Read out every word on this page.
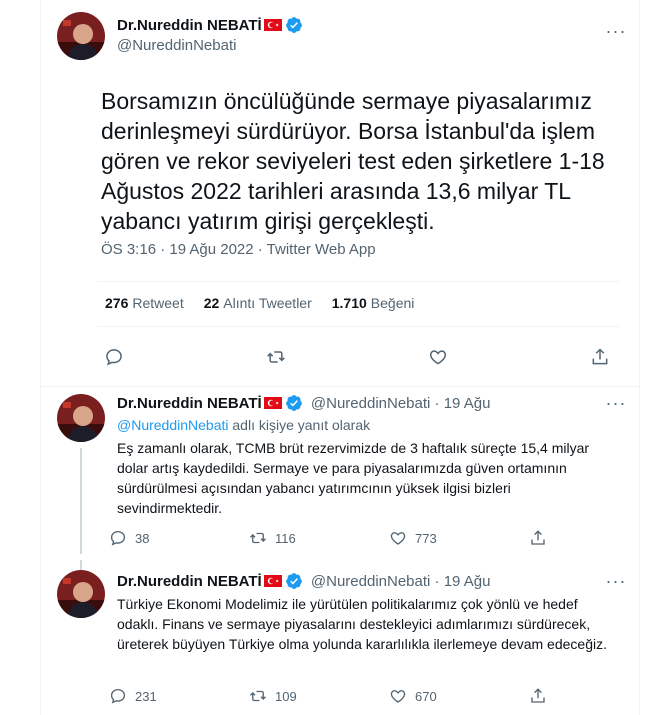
Dr.Nureddin NEBATİ
@NureddinNebati
···
Borsamızın öncülüğünde sermaye piyasalarımız derinleşmeyi sürdürüyor. Borsa İstanbul'da işlem gören ve rekor seviyeleri test eden şirketlere 1-18 Ağustos 2022 tarihleri arasında 13,6 milyar TL yabancı yatırım girişi gerçekleşti.
ÖS 3:16 · 19 Ağu 2022 · Twitter Web App
276 Retweet 22 Alıntı Tweetler 1.710 Beğeni
Dr.Nureddin NEBATİ	@NureddinNebati · 19 Ağu	···
@NureddinNebati adlı kişiye yanıt olarak
Eş zamanlı olarak, TCMB brüt rezervimizde de 3 haftalık süreçte 15,4 milyar dolar artış kaydedildi. Sermaye ve para piyasalarımızda güven ortamının sürdürülmesi açısından yabancı yatırımcının yüksek ilgisi bizleri sevindirmektedir.
38	116	773
Dr.Nureddin NEBATİ	@NureddinNebati · 19 Ağu	···
Türkiye Ekonomi Modelimiz ile yürütülen politikalarımız çok yönlü ve hedef odaklı. Finans ve sermaye piyasalarını destekleyici adımlarımızı sürdürecek, üreterek büyüyen Türkiye olma yolunda kararlılıkla ilerlemeye devam edeceğiz.
231	109	670
